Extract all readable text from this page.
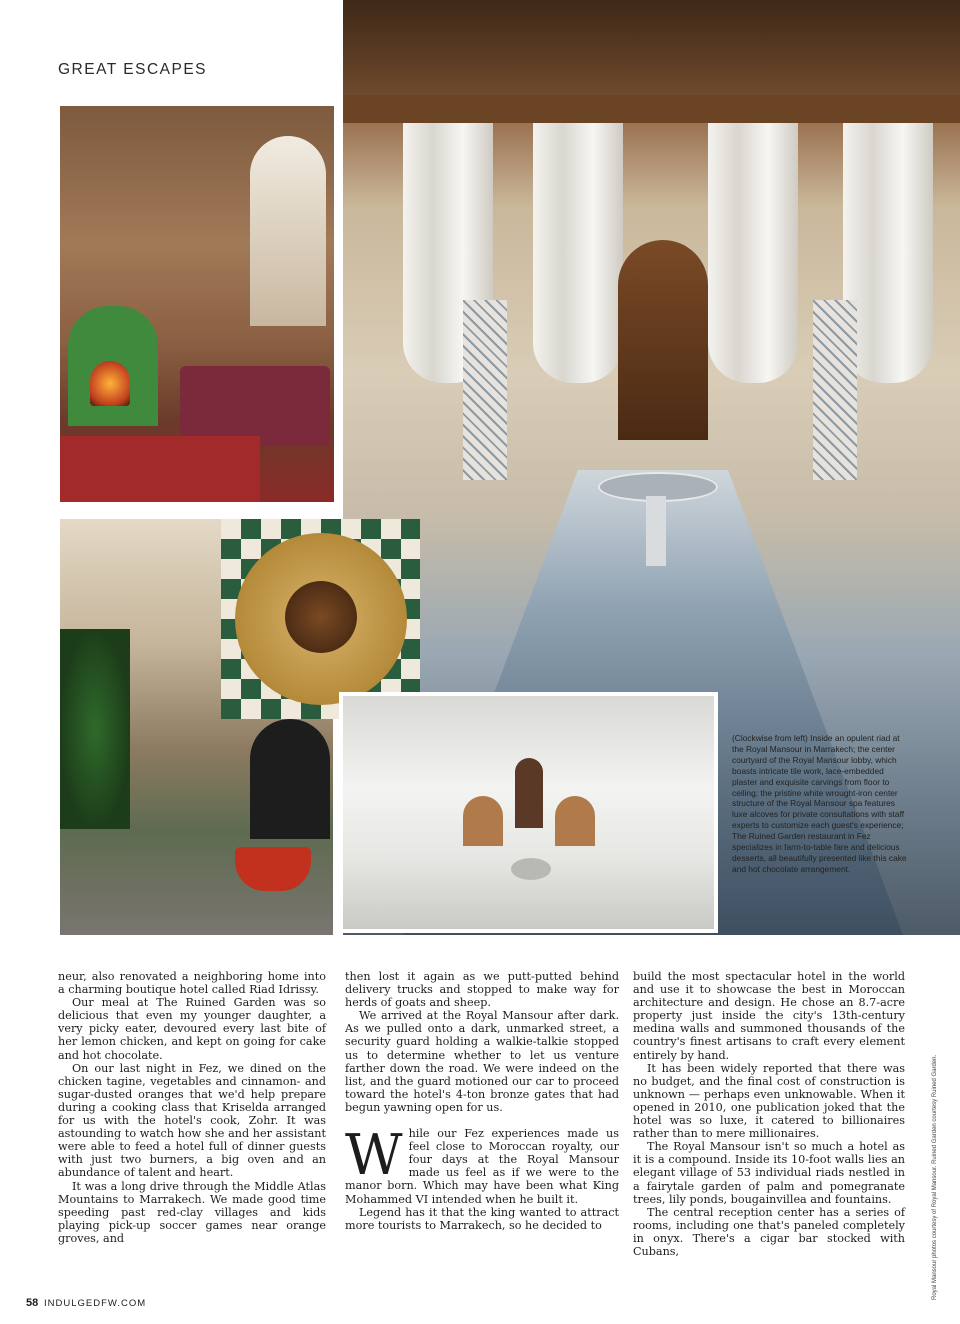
GREAT ESCAPES
(Clockwise from left) Inside an opulent riad at the Royal Mansour in Marrakech; the center courtyard of the Royal Mansour lobby, which boasts intricate tile work, lace-embedded plaster and exquisite carvings from floor to ceiling; the pristine white wrought-iron center structure of the Royal Mansour spa features luxe alcoves for private consultations with staff experts to customize each guest's experience; The Ruined Garden restaurant in Fez specializes in farm-to-table fare and delicious desserts, all beautifully presented like this cake and hot chocolate arrangement.

neur, also renovated a neighboring home into a charming boutique hotel called Riad Idrissy.

Our meal at The Ruined Garden was so delicious that even my younger daughter, a very picky eater, devoured every last bite of her lemon chicken, and kept on going for cake and hot chocolate.

On our last night in Fez, we dined on the chicken tagine, vegetables and cinnamon- and sugar-dusted oranges that we'd help prepare during a cooking class that Kriselda arranged for us with the hotel's cook, Zohr. It was astounding to watch how she and her assistant were able to feed a hotel full of dinner guests with just two burners, a big oven and an abundance of talent and heart.

It was a long drive through the Middle Atlas Mountains to Marrakech. We made good time speeding past red-clay villages and kids playing pick-up soccer games near orange groves, and

then lost it again as we putt-putted behind delivery trucks and stopped to make way for herds of goats and sheep.

We arrived at the Royal Mansour after dark. As we pulled onto a dark, unmarked street, a security guard holding a walkie-talkie stopped us to determine whether to let us venture farther down the road. We were indeed on the list, and the guard motioned our car to proceed toward the hotel's 4-ton bronze gates that had begun yawning open for us.

While our Fez experiences made us feel close to Moroccan royalty, our four days at the Royal Mansour made us feel as if we were to the manor born. Which may have been what King Mohammed VI intended when he built it.

Legend has it that the king wanted to attract more tourists to Marrakech, so he decided to

build the most spectacular hotel in the world and use it to showcase the best in Moroccan architecture and design. He chose an 8.7-acre property just inside the city's 13th-century medina walls and summoned thousands of the country's finest artisans to craft every element entirely by hand.

It has been widely reported that there was no budget, and the final cost of construction is unknown — perhaps even unknowable. When it opened in 2010, one publication joked that the hotel was so luxe, it catered to billionaires rather than to mere millionaires.

The Royal Mansour isn't so much a hotel as it is a compound. Inside its 10-foot walls lies an elegant village of 53 individual riads nestled in a fairytale garden of palm and pomegranate trees, lily ponds, bougainvillea and fountains.

The central reception center has a series of rooms, including one that's paneled completely in onyx. There's a cigar bar stocked with Cubans,

58 INDULGEDFW.COM
Royal Mansour photos courtesy of Royal Mansour. Ruined Garden courtesy Ruined Garden.
